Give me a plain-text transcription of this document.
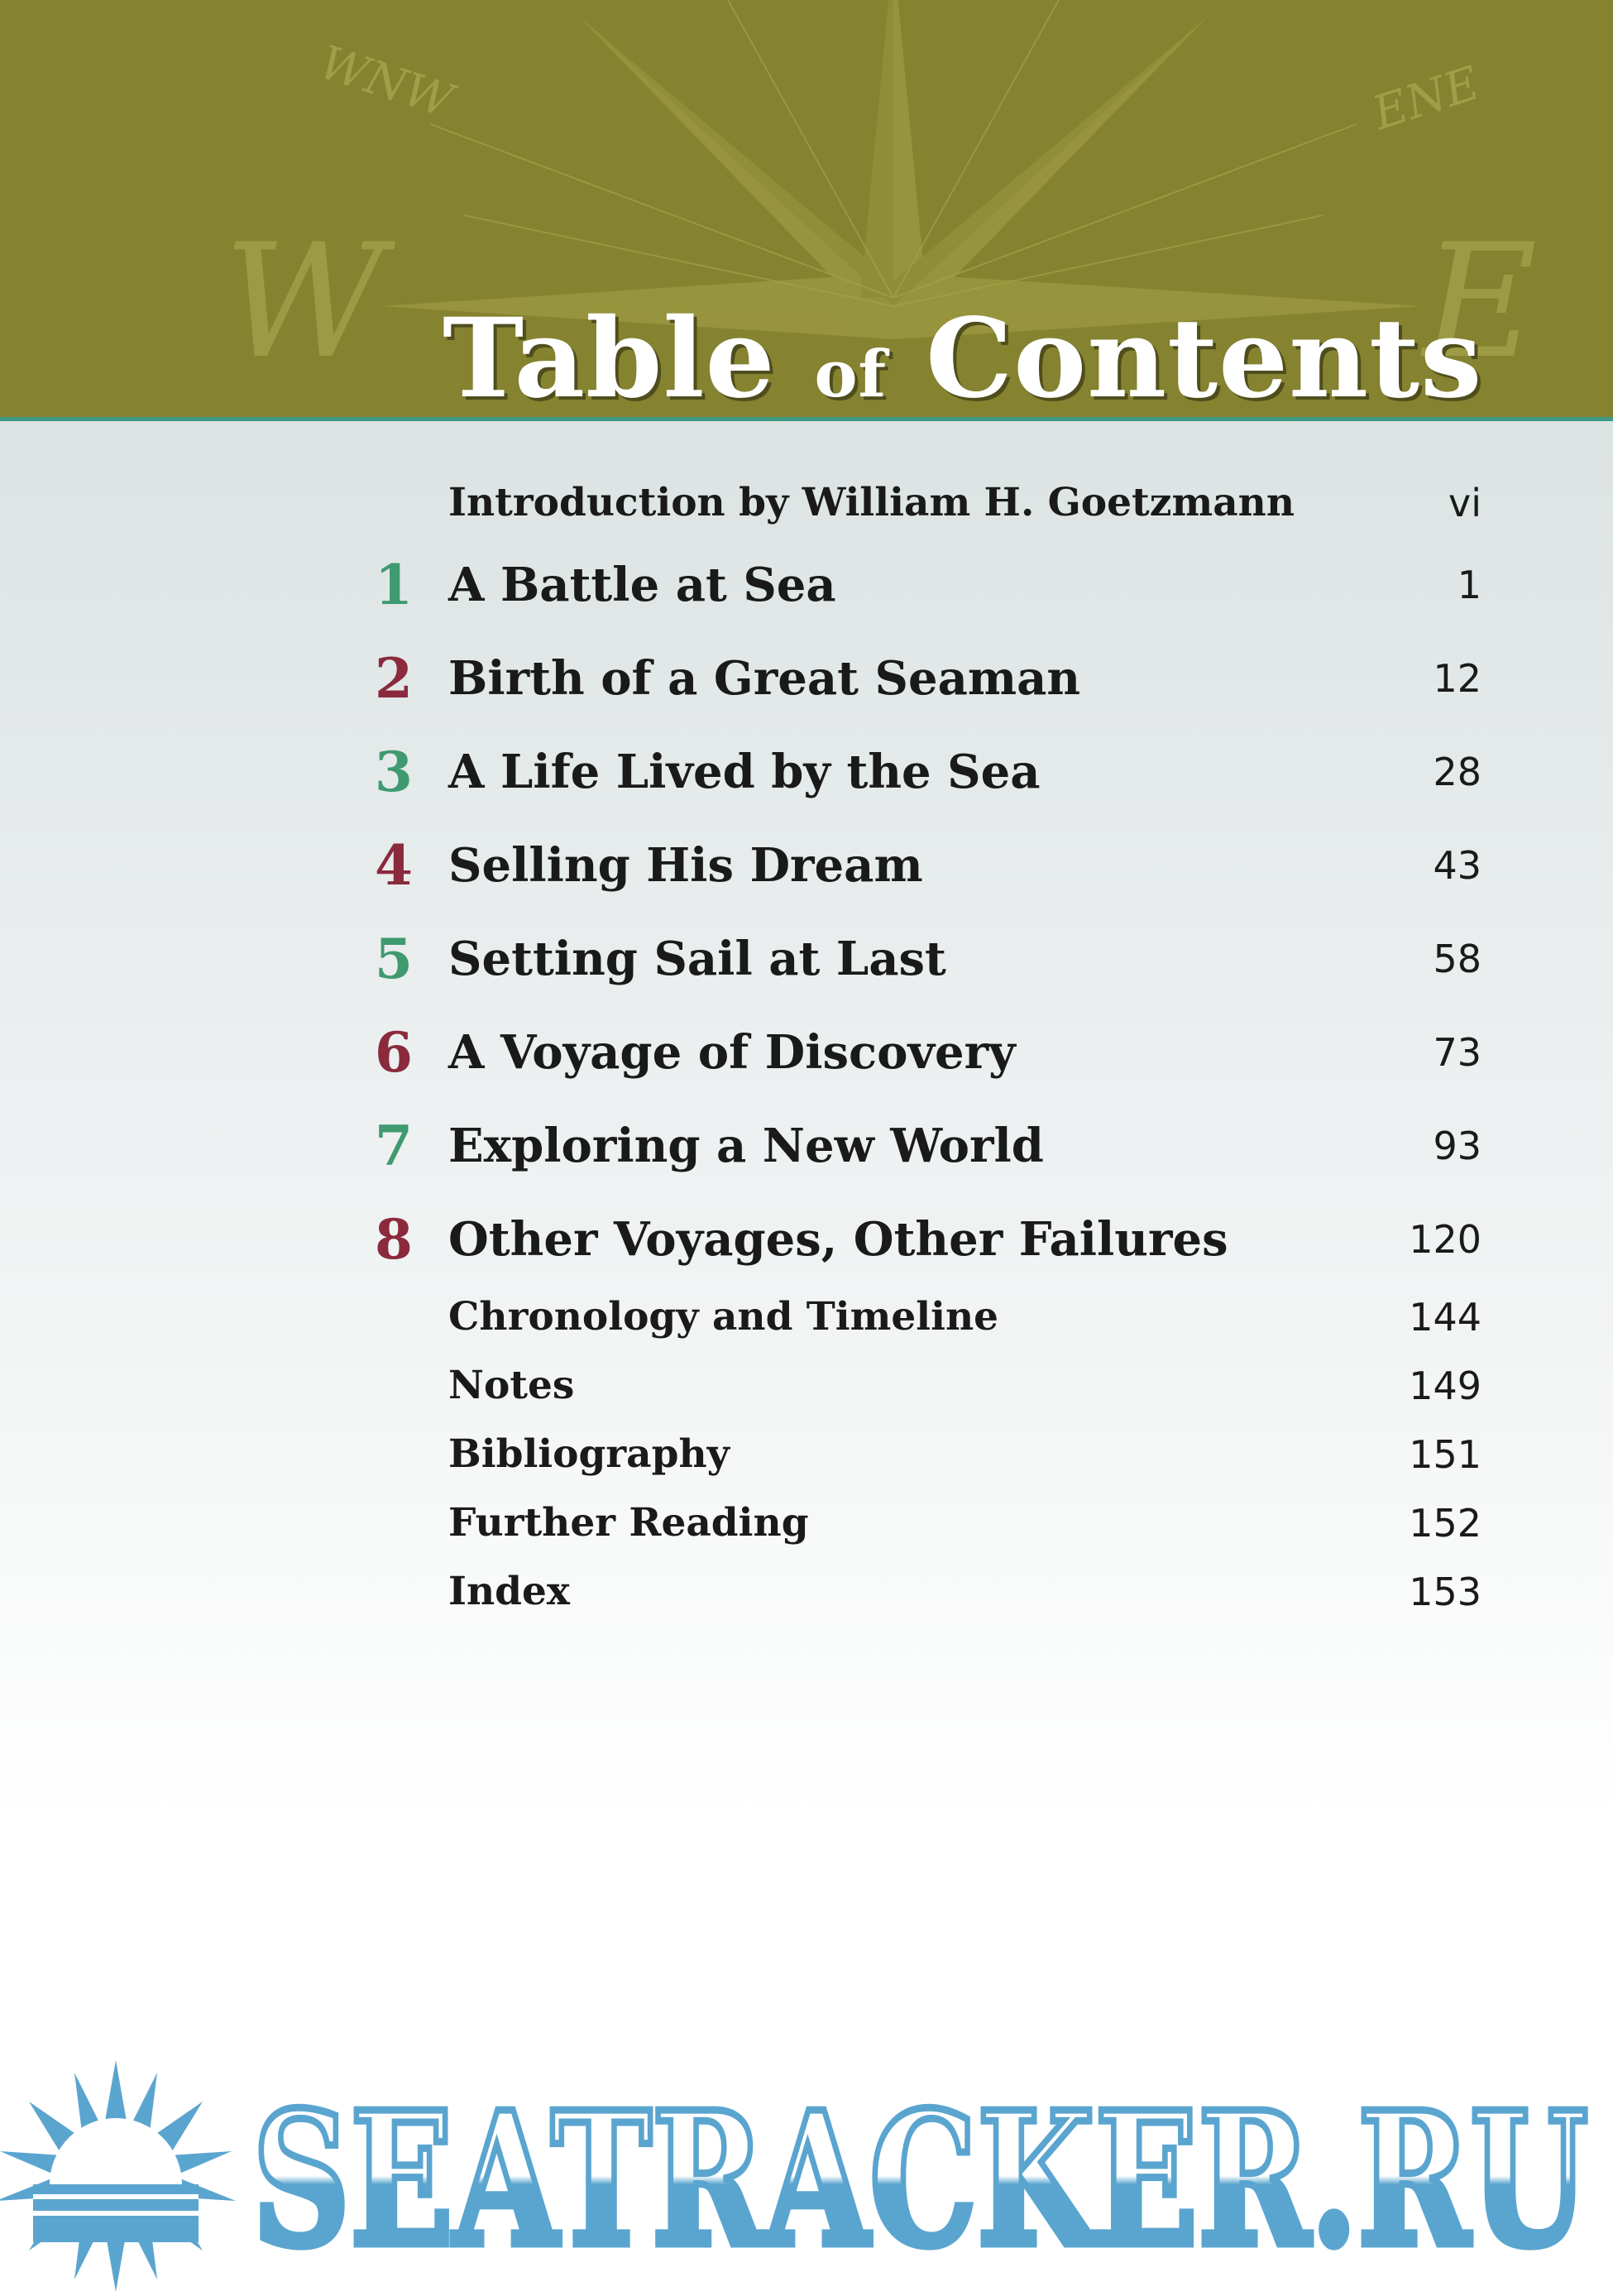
WNW	ENE
W	E
Table of Contents
Introduction by William H. Goetzmann	vi
1 A Battle at Sea	1
2 Birth of a Great Seaman	12
3 A Life Lived by the Sea	28
4 Selling His Dream	43
5 Setting Sail at Last	58
6 A Voyage of Discovery	73
7 Exploring a New World	93
8 Other Voyages, Other Failures	120
Chronology and Timeline	144
Notes	149
Bibliography	151
Further Reading	152
Index	153
SEATRACKER.RU
